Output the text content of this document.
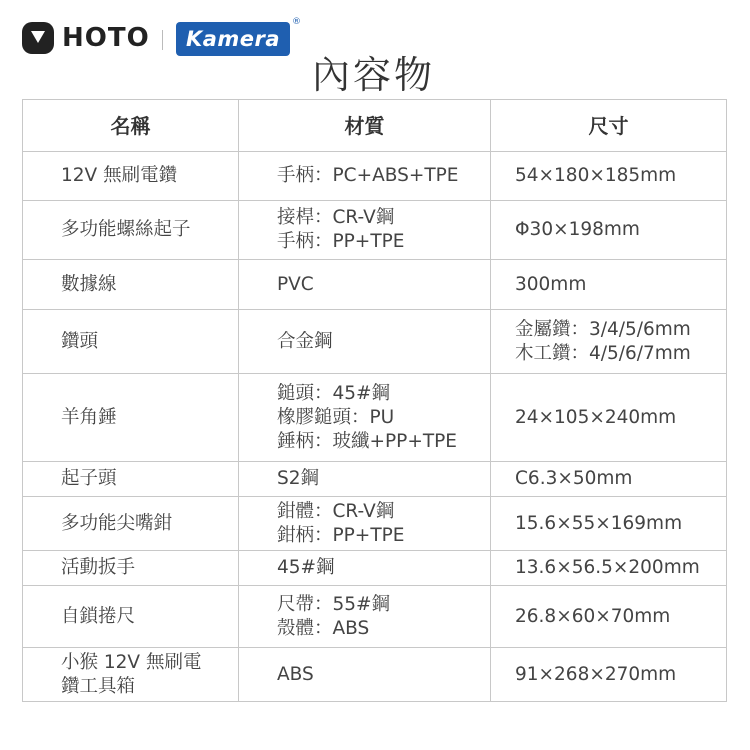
HOTO Kamera
®
內容物
名稱	材質	尺寸

12V 無刷電鑽	手柄：PC+ABS+TPE	54×180×185mm

多功能螺絲起子	接桿：CR-V鋼
手柄：PP+TPE	Φ30×198mm

數據線	PVC	300mm

鑽頭	合金鋼	金屬鑽：3/4/5/6mm
木工鑽：4/5/6/7mm

羊角錘	鎚頭：45#鋼
橡膠鎚頭：PU
錘柄：玻纖+PP+TPE	24×105×240mm

起子頭	S2鋼	C6.3×50mm

多功能尖嘴鉗	鉗體：CR-V鋼
鉗柄：PP+TPE	15.6×55×169mm

活動扳手	45#鋼	13.6×56.5×200mm

自鎖捲尺	尺帶：55#鋼
殼體：ABS	26.8×60×70mm

小猴 12V 無刷電
鑽工具箱	ABS	91×268×270mm
